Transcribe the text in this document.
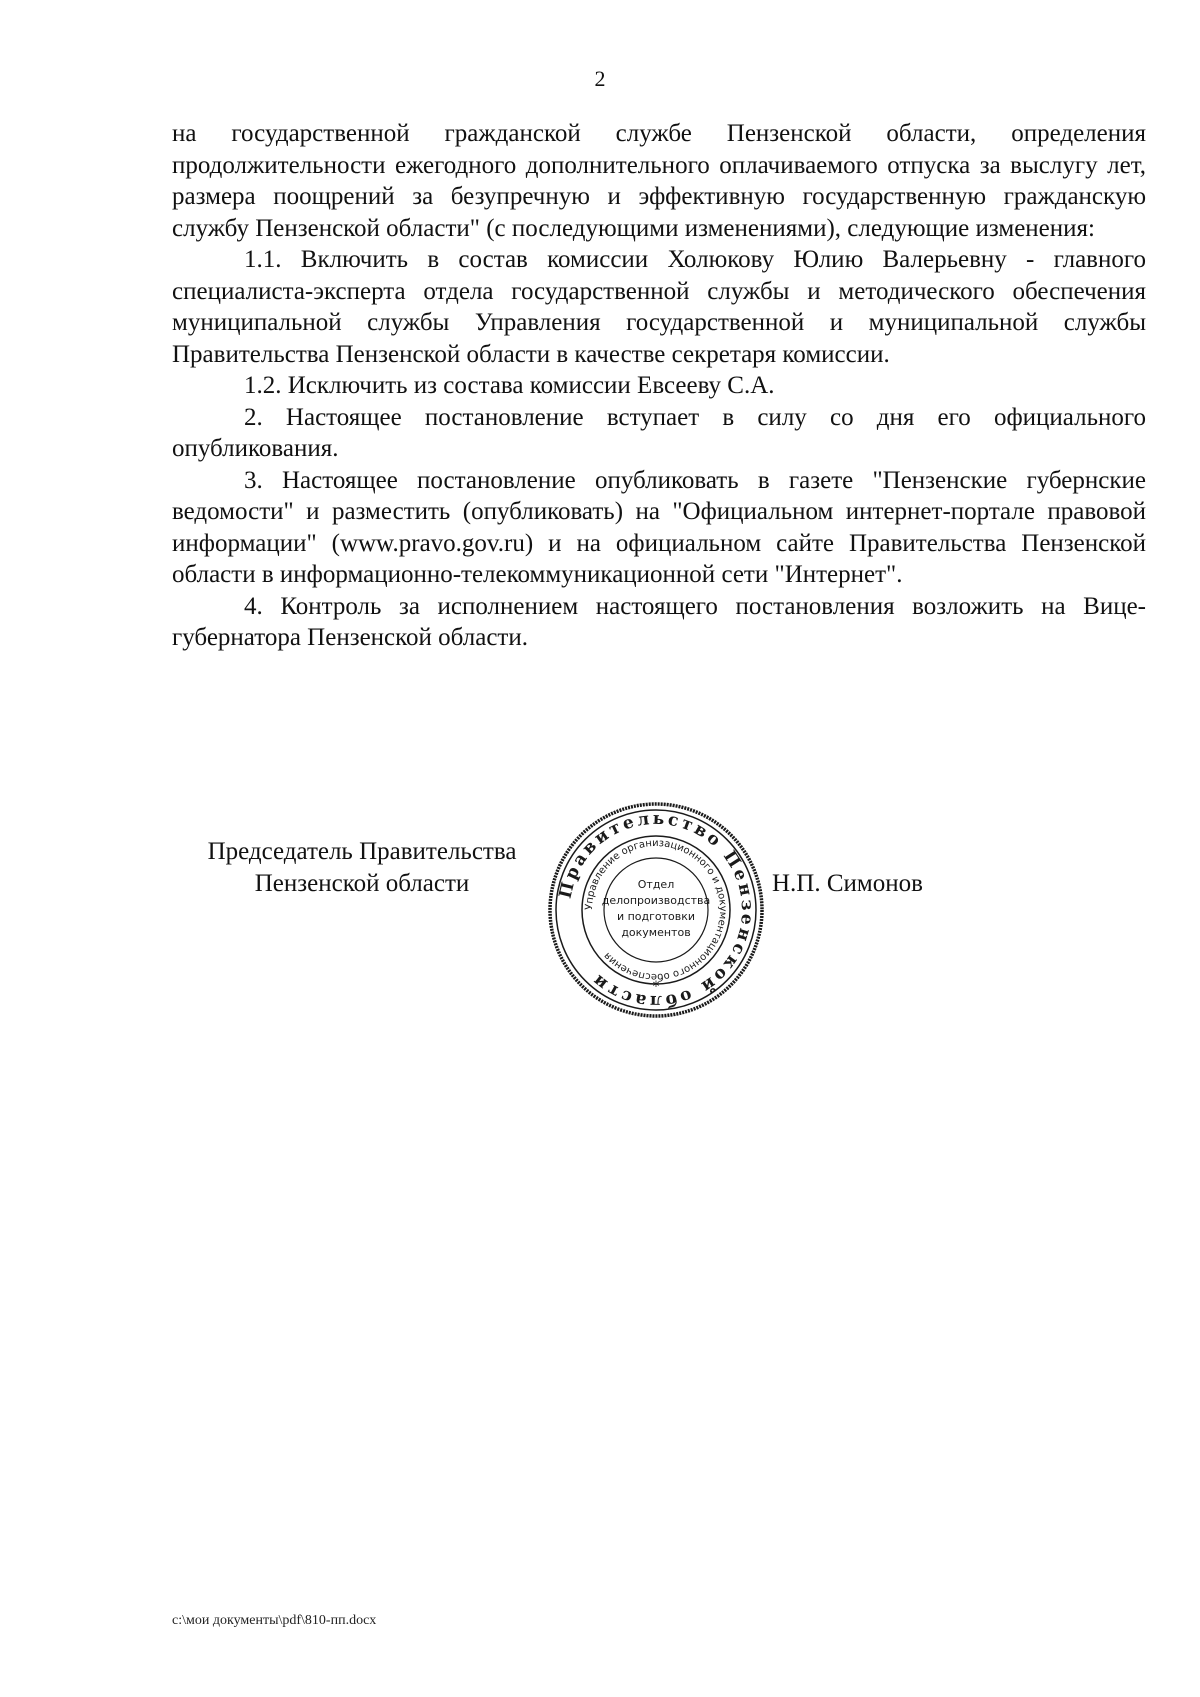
2

на государственной гражданской службе Пензенской области, определения продолжительности ежегодного дополнительного оплачиваемого отпуска за выслугу лет, размера поощрений за безупречную и эффективную государственную гражданскую службу Пензенской области" (с последующими изменениями), следующие изменения:

1.1. Включить в состав комиссии Холюкову Юлию Валерьевну - главного специалиста-эксперта отдела государственной службы и методического обеспечения муниципальной службы Управления государственной и муниципальной службы Правительства Пензенской области в качестве секретаря комиссии.

1.2. Исключить из состава комиссии Евсееву С.А.

2. Настоящее постановление вступает в силу со дня его официального опубликования.

3. Настоящее постановление опубликовать в газете "Пензенские губернские ведомости" и разместить (опубликовать) на "Официальном интернет-портале правовой информации" (www.pravo.gov.ru) и на официальном сайте Правительства Пензенской области в информационно-телекоммуникационной сети "Интернет".

4. Контроль за исполнением настоящего постановления возложить на Вице-губернатора Пензенской области.

Председатель Правительства
Пензенской области	Правительство Пензенской области
Управление организационного и документационного обеспечения
Отдел
делопроизводства
и подготовки
документов
*
Н.П. Симонов
c:\мои документы\pdf\810-пп.docx
